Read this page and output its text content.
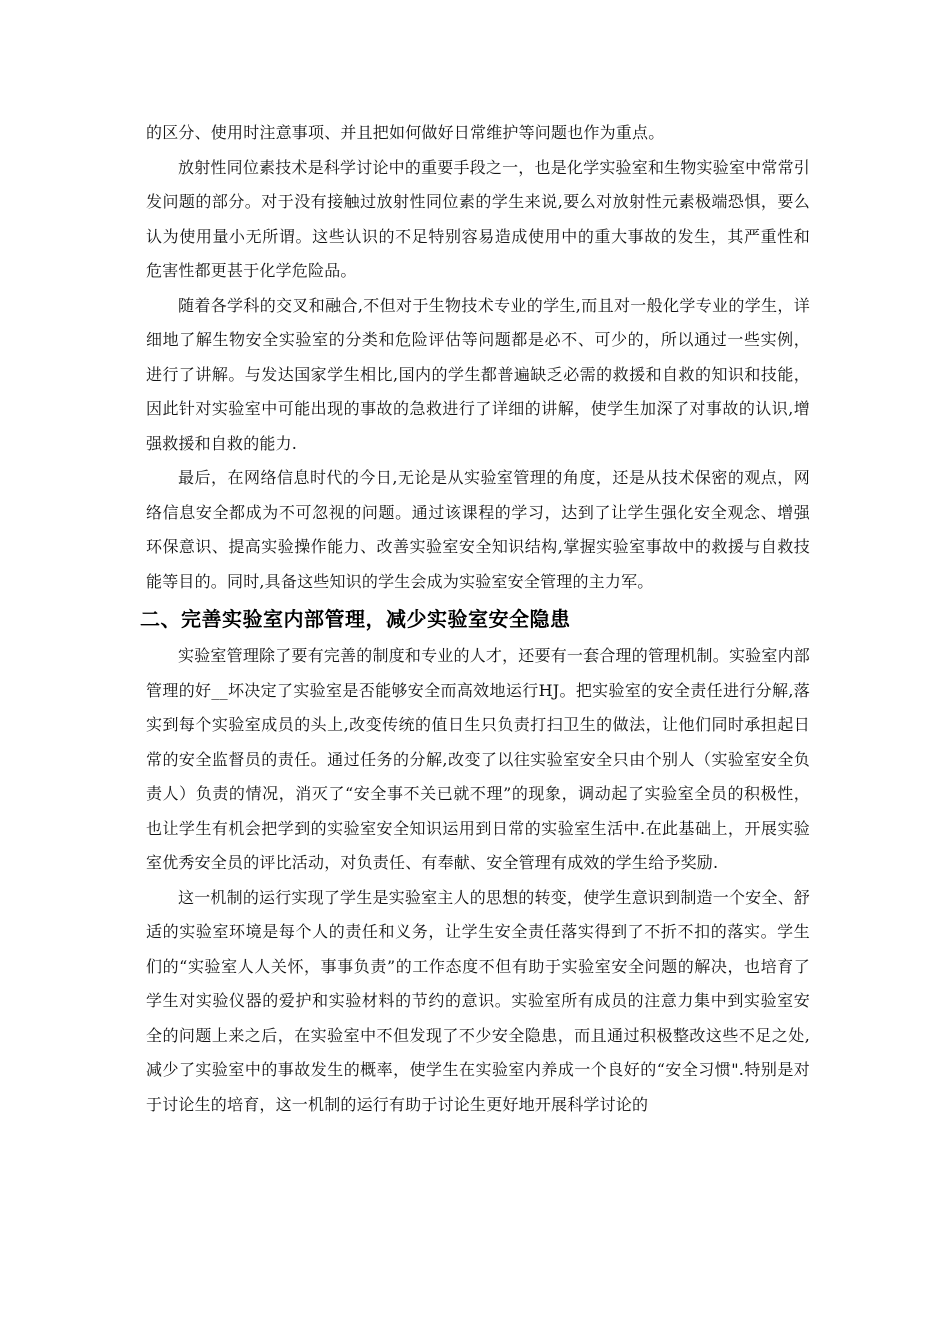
的区分、使用时注意事项、并且把如何做好日常维护等问题也作为重点。

放射性同位素技术是科学讨论中的重要手段之一，也是化学实验室和生物实验室中常常引发问题的部分。对于没有接触过放射性同位素的学生来说,要么对放射性元素极端恐惧，要么认为使用量小无所谓。这些认识的不足特别容易造成使用中的重大事故的发生，其严重性和危害性都更甚于化学危险品。

随着各学科的交叉和融合,不但对于生物技术专业的学生,而且对一般化学专业的学生，详细地了解生物安全实验室的分类和危险评估等问题都是必不、可少的，所以通过一些实例，进行了讲解。与发达国家学生相比,国内的学生都普遍缺乏必需的救援和自救的知识和技能，因此针对实验室中可能出现的事故的急救进行了详细的讲解，使学生加深了对事故的认识,增强救援和自救的能力.

最后，在网络信息时代的今日,无论是从实验室管理的角度，还是从技术保密的观点，网络信息安全都成为不可忽视的问题。通过该课程的学习，达到了让学生强化安全观念、增强环保意识、提高实验操作能力、改善实验室安全知识结构,掌握实验室事故中的救援与自救技能等目的。同时,具备这些知识的学生会成为实验室安全管理的主力军。

二、完善实验室内部管理，减少实验室安全隐患

实验室管理除了要有完善的制度和专业的人才，还要有一套合理的管理机制。实验室内部管理的好__坏决定了实验室是否能够安全而高效地运行HJ。把实验室的安全责任进行分解,落实到每个实验室成员的头上,改变传统的值日生只负责打扫卫生的做法，让他们同时承担起日常的安全监督员的责任。通过任务的分解,改变了以往实验室安全只由个别人（实验室安全负责人）负责的情况，消灭了“安全事不关已就不理”的现象，调动起了实验室全员的积极性，也让学生有机会把学到的实验室安全知识运用到日常的实验室生活中.在此基础上，开展实验室优秀安全员的评比活动，对负责任、有奉献、安全管理有成效的学生给予奖励.

这一机制的运行实现了学生是实验室主人的思想的转变，使学生意识到制造一个安全、舒适的实验室环境是每个人的责任和义务，让学生安全责任落实得到了不折不扣的落实。学生们的“实验室人人关怀，事事负责”的工作态度不但有助于实验室安全问题的解决，也培育了学生对实验仪器的爱护和实验材料的节约的意识。实验室所有成员的注意力集中到实验室安全的问题上来之后，在实验室中不但发现了不少安全隐患，而且通过积极整改这些不足之处,减少了实验室中的事故发生的概率，使学生在实验室内养成一个良好的“安全习惯".特别是对于讨论生的培育，这一机制的运行有助于讨论生更好地开展科学讨论的
